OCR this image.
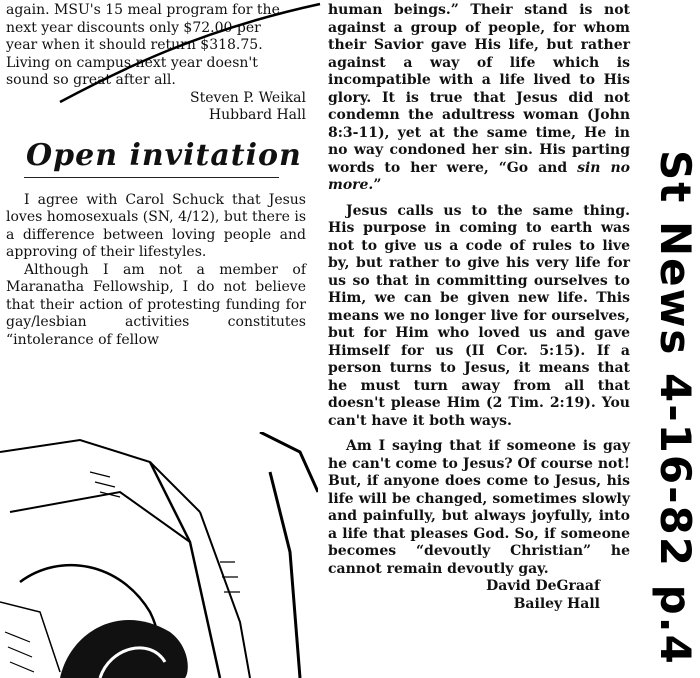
again. MSU's 15 meal program for the

next year discounts only $72.00 per

year when it should return $318.75.

Living on campus next year doesn't

sound so great after all.

Steven P. Weikal

Hubbard Hall

Open invitation

I agree with Carol Schuck that Jesus loves homosexuals (SN, 4/12), but there is a difference between loving people and approving of their lifestyles.

Although I am not a member of Maranatha Fellowship, I do not believe that their action of protesting funding for gay/lesbian activities constitutes “intolerance of fellow

human beings.” Their stand is not against a group of people, for whom their Savior gave His life, but rather against a way of life which is incompatible with a life lived to His glory. It is true that Jesus did not condemn the adultress woman (John 8:3-11), yet at the same time, He in no way condoned her sin. His parting words to her were, “Go and sin no more.”

Jesus calls us to the same thing. His purpose in coming to earth was not to give us a code of rules to live by, but rather to give his very life for us so that in committing ourselves to Him, we can be given new life. This means we no longer live for ourselves, but for Him who loved us and gave Himself for us (II Cor. 5:15). If a person turns to Jesus, it means that he must turn away from all that doesn't please Him (2 Tim. 2:19). You can't have it both ways.

Am I saying that if someone is gay he can't come to Jesus? Of course not! But, if anyone does come to Jesus, his life will be changed, sometimes slowly and painfully, but always joyfully, into a life that pleases God. So, if someone becomes “devoutly Christian” he cannot remain devoutly gay.

David DeGraaf

Bailey Hall	St News 4-16-82 p.4
